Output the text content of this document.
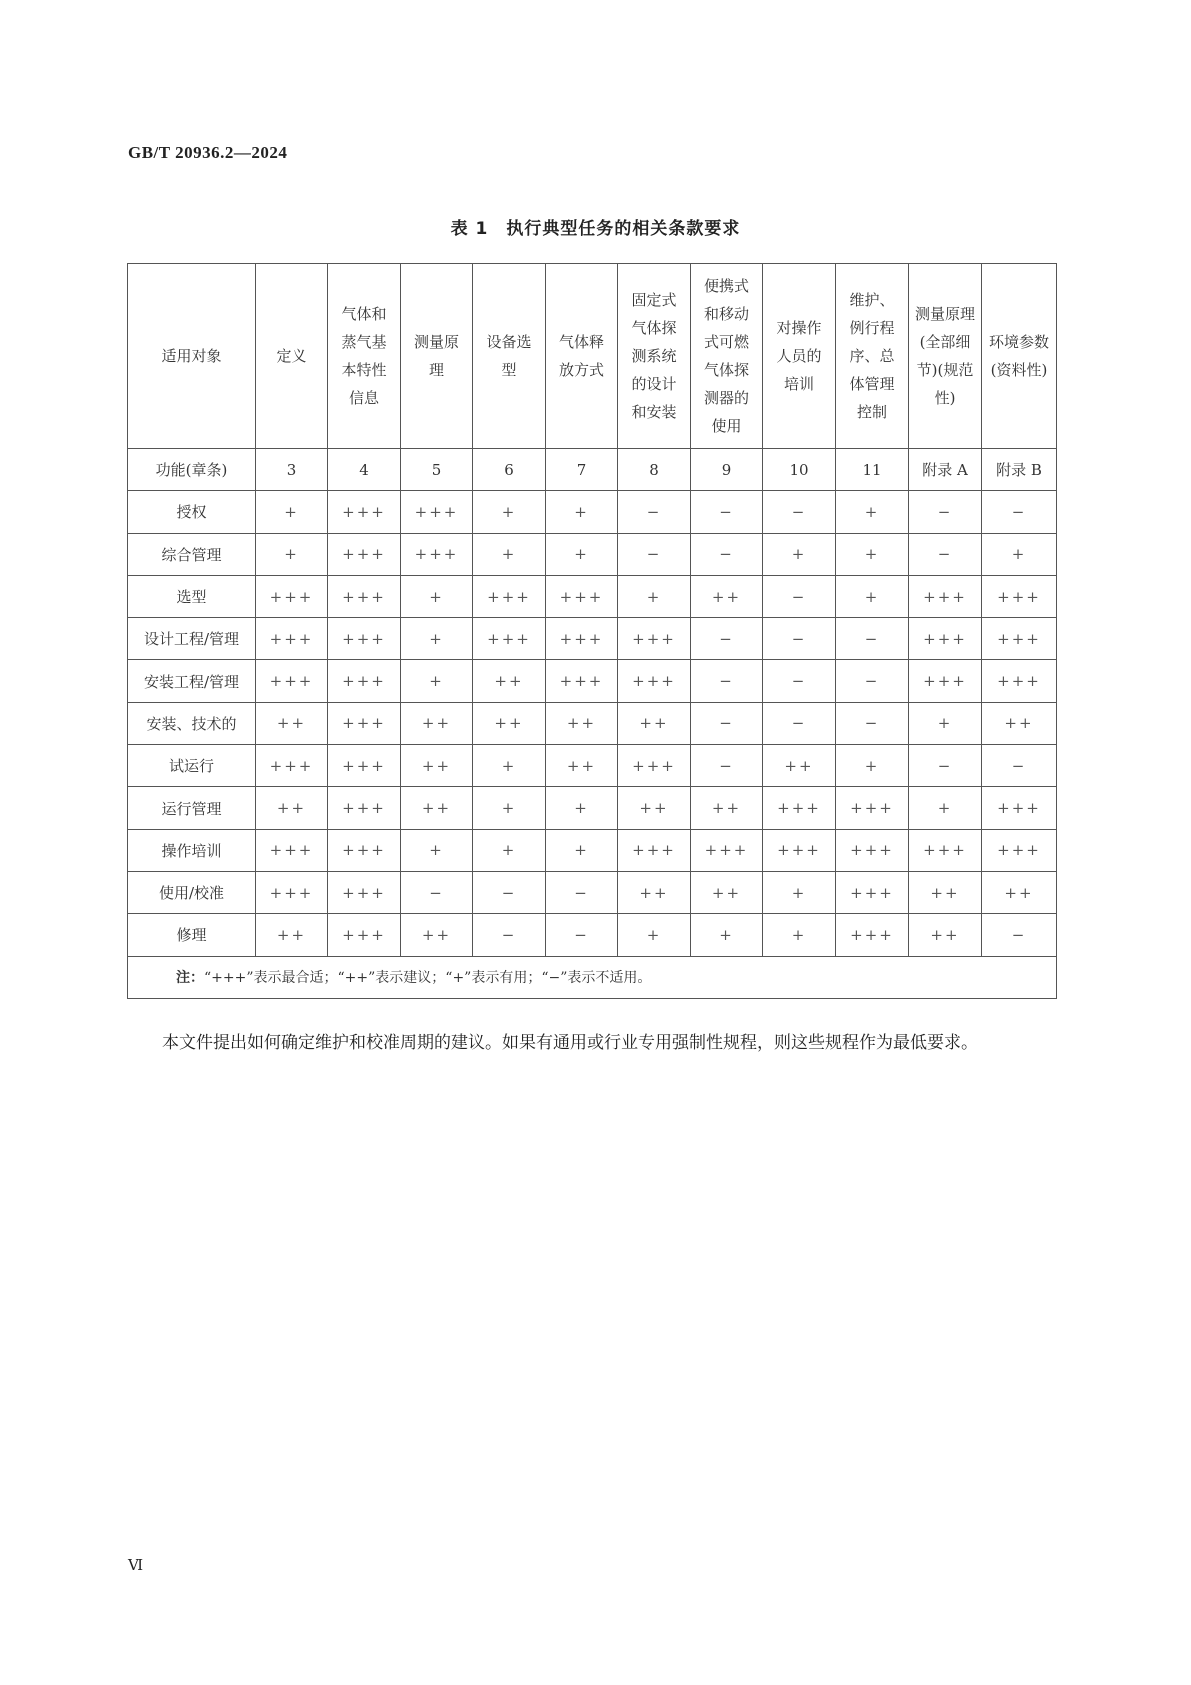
GB/T 20936.2—2024
表 1　执行典型任务的相关条款要求
适用对象	定义	气体和蒸气基本特性信息	测量原理	设备选型	气体释放方式	固定式气体探测系统的设计和安装	便携式和移动式可燃气体探测器的使用	对操作人员的培训	维护、例行程序、总体管理控制	测量原理(全部细节)(规范性)	环境参数(资料性)
功能(章条)	3	4	5	6	7	8	9	10	11	附录 A	附录 B
授权	+	+++	+++	+	+	−	−	−	+	−	−
综合管理	+	+++	+++	+	+	−	−	+	+	−	+
选型	+++	+++	+	+++	+++	+	++	−	+	+++	+++
设计工程/管理	+++	+++	+	+++	+++	+++	−	−	−	+++	+++
安装工程/管理	+++	+++	+	++	+++	+++	−	−	−	+++	+++
安装、技术的	++	+++	++	++	++	++	−	−	−	+	++
试运行	+++	+++	++	+	++	+++	−	++	+	−	−
运行管理	++	+++	++	+	+	++	++	+++	+++	+	+++
操作培训	+++	+++	+	+	+	+++	+++	+++	+++	+++	+++
使用/校准	+++	+++	−	−	−	++	++	+	+++	++	++
修理	++	+++	++	−	−	+	+	+	+++	++	−
注：“+++”表示最合适；“++”表示建议；“+”表示有用；“−”表示不适用。											
本文件提出如何确定维护和校准周期的建议。如果有通用或行业专用强制性规程，则这些规程作为最低要求。
Ⅵ
